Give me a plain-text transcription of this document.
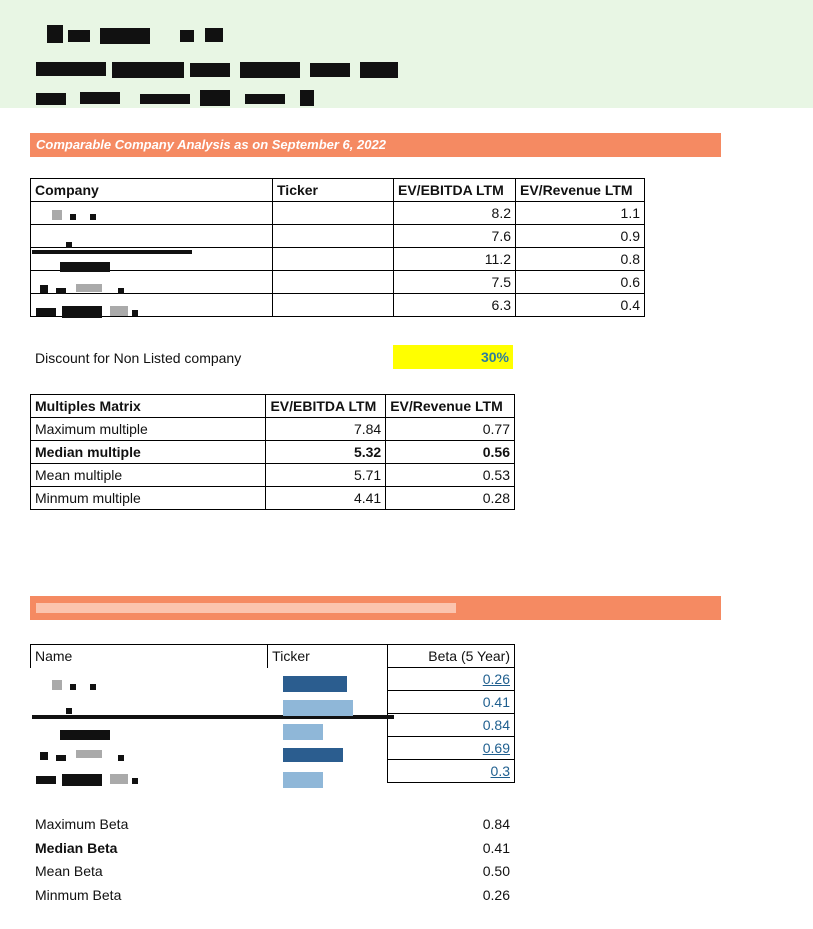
Comparable Company Analysis as on September 6, 2022
Company	Ticker	EV/EBITDA LTM	EV/Revenue LTM
		8.2	1.1
		7.6	0.9
		11.2	0.8
		7.5	0.6
		6.3	0.4
Discount for Non Listed company	30%
Multiples Matrix	EV/EBITDA LTM	EV/Revenue LTM
Maximum multiple	7.84	0.77
Median multiple	5.32	0.56
Mean multiple	5.71	0.53
Minmum multiple	4.41	0.28
Name	Ticker	Beta (5 Year)
		0.26
		0.41
		0.84
		0.69
		0.3
Maximum Beta	0.84
Median Beta	0.41
Mean Beta	0.50
Minmum Beta	0.26
